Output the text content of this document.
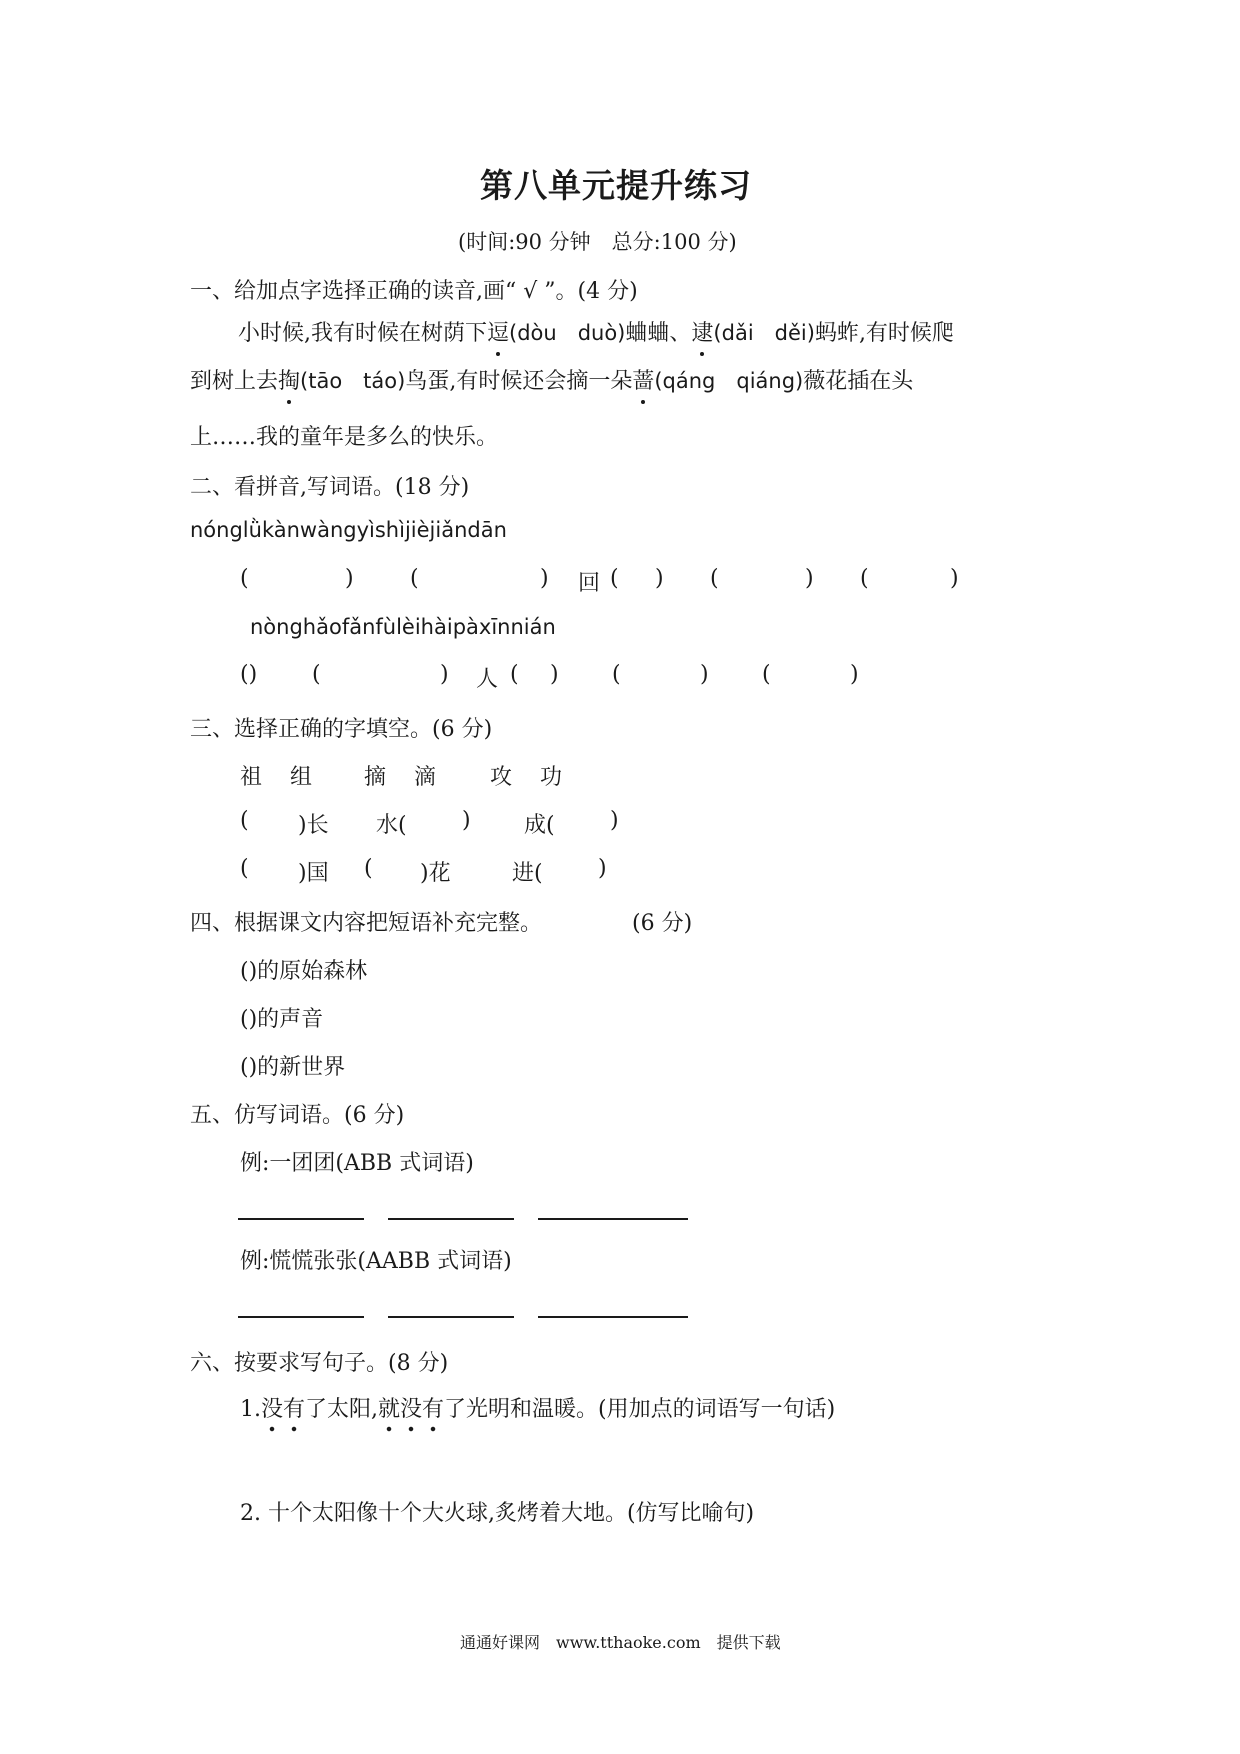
第八单元提升练习
(时间:90 分钟　总分:100 分)
一、给加点字选择正确的读音,画“ √ ”。(4 分)
小时候,我有时候在树荫下逗(dòu　duò)蛐蛐、逮(dǎi　děi)蚂蚱,有时候爬
到树上去掏(tāo　táo)鸟蛋,有时候还会摘一朵蔷(qáng　qiáng)薇花插在头
上……我的童年是多么的快乐。
二、看拼音,写词语。(18 分)
nónglǜkànwàngyìshìjièjiǎndān
(	)	(	) 回 ( ) (	) (	)
nònghǎofǎnfùlèihàipàxīnnián
() (	) 人 ( ) (	) (	)
三、选择正确的字填空。(6 分)
祖 组 摘 滴 攻 功
( )长 水(	) 成(	)
( )国 ( )花	进(	)
四、根据课文内容把短语补充完整。	(6 分)
()的原始森林
()的声音
()的新世界
五、仿写词语。(6 分)
例:一团团(ABB 式词语)
例:慌慌张张(AABB 式词语)
六、按要求写句子。(8 分)
1.没有了太阳,就没有了光明和温暖。(用加点的词语写一句话)
2. 十个太阳像十个大火球,炙烤着大地。(仿写比喻句)
通通好课网　www.tthaoke.com　提供下载
